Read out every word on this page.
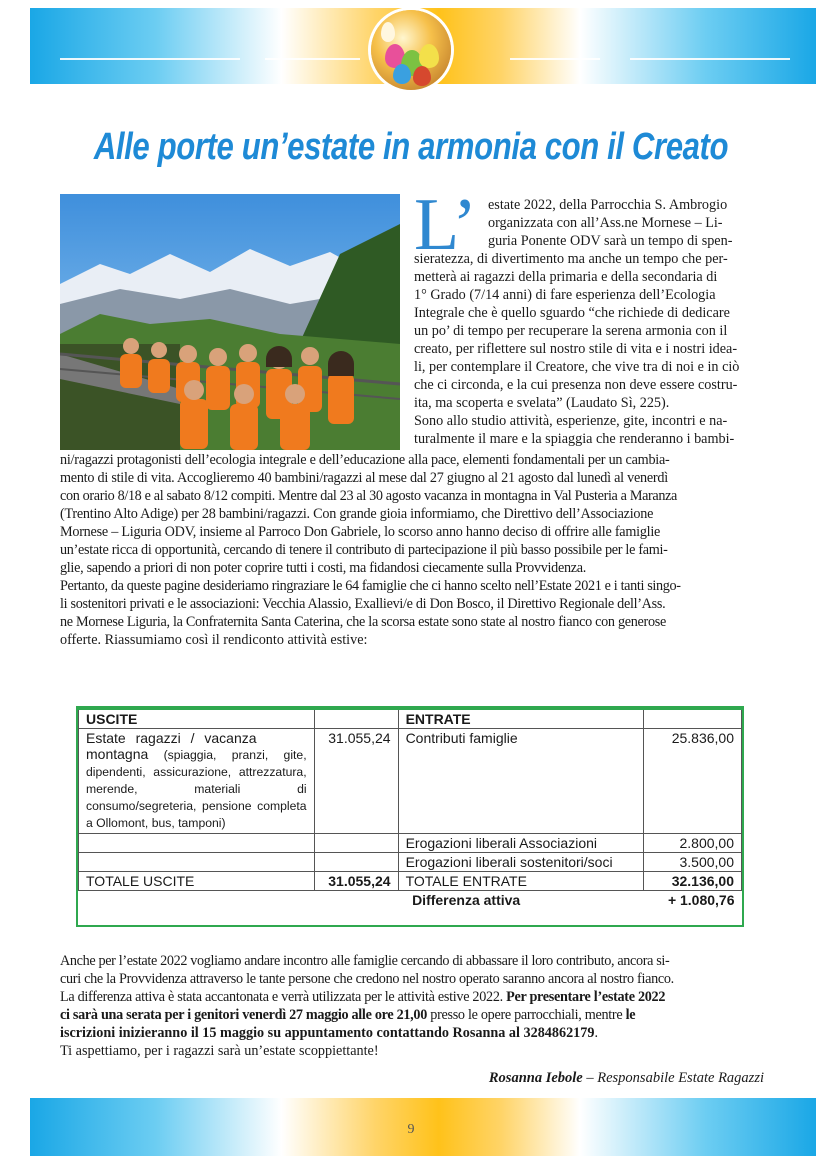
Alle porte un’estate in armonia con il Creato
L’ estate 2022, della Parrocchia S. Ambrogio
organizzata con all’Ass.ne Mornese – Li-
guria Ponente ODV sarà un tempo di spen-
sieratezza, di divertimento ma anche un tempo che per-
metterà ai ragazzi della primaria e della secondaria di
1° Grado (7/14 anni) di fare esperienza dell’Ecologia
Integrale che è quello sguardo “che richiede di dedicare
un po’ di tempo per recuperare la serena armonia con il
creato, per riflettere sul nostro stile di vita e i nostri idea-
li, per contemplare il Creatore, che vive tra di noi e in ciò
che ci circonda, e la cui presenza non deve essere costru-
ita, ma scoperta e svelata” (Laudato Sì, 225).
Sono allo studio attività, esperienze, gite, incontri e na-
turalmente il mare e la spiaggia che renderanno i bambi-
ni/ragazzi protagonisti dell’ecologia integrale e dell’educazione alla pace, elementi fondamentali per un cambia-
mento di stile di vita. Accoglieremo 40 bambini/ragazzi al mese dal 27 giugno al 21 agosto dal lunedì al venerdì
con orario 8/18 e al sabato 8/12 compiti. Mentre dal 23 al 30 agosto vacanza in montagna in Val Pusteria a Maranza
(Trentino Alto Adige) per 28 bambini/ragazzi. Con grande gioia informiamo, che Direttivo dell’Associazione
Mornese – Liguria ODV, insieme al Parroco Don Gabriele, lo scorso anno hanno deciso di offrire alle famiglie
un’estate ricca di opportunità, cercando di tenere il contributo di partecipazione il più basso possibile per le fami-
glie, sapendo a priori di non poter coprire tutti i costi, ma fidandosi ciecamente sulla Provvidenza.
Pertanto, da queste pagine desideriamo ringraziare le 64 famiglie che ci hanno scelto nell’Estate 2021 e i tanti singo-
li sostenitori privati e le associazioni: Vecchia Alassio, Exallievi/e di Don Bosco, il Direttivo Regionale dell’Ass.
ne Mornese Liguria, la Confraternita Santa Caterina, che la scorsa estate sono state al nostro fianco con generose
offerte. Riassumiamo così il rendiconto attività estive:
USCITE		ENTRATE	

Estate ragazzi / vacanza
montagna (spiaggia, pranzi, gite, dipendenti, assicurazione, attrezzatura, merende, materiali di consumo/segreteria, pensione completa a Ollomont, bus, tamponi)	31.055,24	Contributi famiglie	25.836,00
		Erogazioni liberali Associazioni	2.800,00
		Erogazioni liberali sostenitori/soci	3.500,00
TOTALE USCITE	31.055,24	TOTALE ENTRATE	32.136,00
		Differenza attiva	+ 1.080,76
Anche per l’estate 2022 vogliamo andare incontro alle famiglie cercando di abbassare il loro contributo, ancora si-
curi che la Provvidenza attraverso le tante persone che credono nel nostro operato saranno ancora al nostro fianco.
La differenza attiva è stata accantonata e verrà utilizzata per le attività estive 2022. Per presentare l’estate 2022
ci sarà una serata per i genitori venerdì 27 maggio alle ore 21,00 presso le opere parrocchiali, mentre le
iscrizioni inizieranno il 15 maggio su appuntamento contattando Rosanna al 3284862179.
Ti aspettiamo, per i ragazzi sarà un’estate scoppiettante!
Rosanna Iebole – Responsabile Estate Ragazzi
9
